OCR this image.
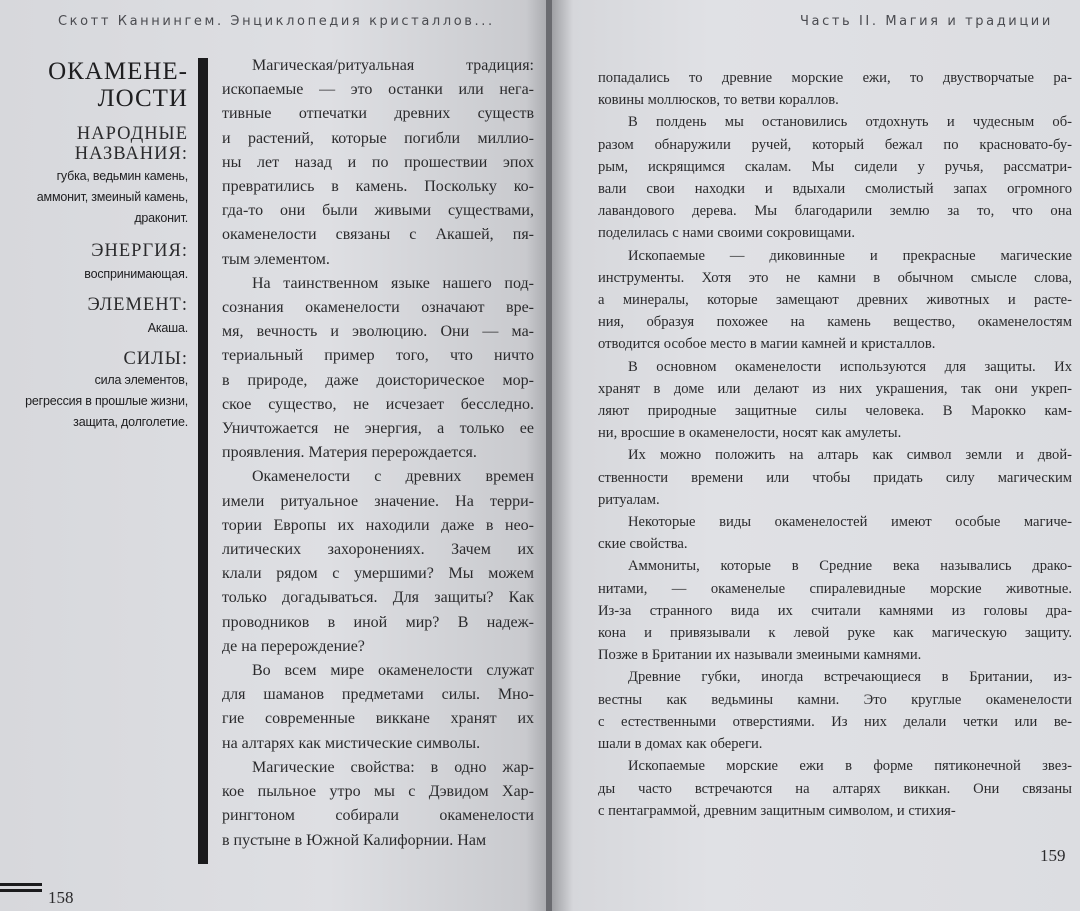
Скотт Каннингем. Энциклопедия кристаллов...
ОКАМЕНЕ-
ЛОСТИ
НАРОДНЫЕ
НАЗВАНИЯ:
губка, ведьмин камень,
аммонит, змеиный камень,
драконит.
ЭНЕРГИЯ:
воспринимающая.
ЭЛЕМЕНТ:
Акаша.
СИЛЫ:
сила элементов,
регрессия в прошлые жизни,
защита, долголетие.

Магическая/ритуальная традиция:

ископаемые — это останки или нега-

тивные отпечатки древних существ

и растений, которые погибли миллио-

ны лет назад и по прошествии эпох

превратились в камень. Поскольку ко-

гда-то они были живыми существами,

окаменелости связаны с Акашей, пя-

тым элементом.

На таинственном языке нашего под-

сознания окаменелости означают вре-

мя, вечность и эволюцию. Они — ма-

териальный пример того, что ничто

в природе, даже доисторическое мор-

ское существо, не исчезает бесследно.

Уничтожается не энергия, а только ее

проявления. Материя перерождается.

Окаменелости с древних времен

имели ритуальное значение. На терри-

тории Европы их находили даже в нео-

литических захоронениях. Зачем их

клали рядом с умершими? Мы можем

только догадываться. Для защиты? Как

проводников в иной мир? В надеж-

де на перерождение?

Во всем мире окаменелости служат

для шаманов предметами силы. Мно-

гие современные виккане хранят их

на алтарях как мистические символы.

Магические свойства: в одно жар-

кое пыльное утро мы с Дэвидом Хар-

рингтоном собирали окаменелости

в пустыне в Южной Калифорнии. Нам

158
Часть II. Магия и традиции

попадались то древние морские ежи, то двустворчатые ра-

ковины моллюсков, то ветви кораллов.

В полдень мы остановились отдохнуть и чудесным об-

разом обнаружили ручей, который бежал по красновато-бу-

рым, искрящимся скалам. Мы сидели у ручья, рассматри-

вали свои находки и вдыхали смолистый запах огромного

лавандового дерева. Мы благодарили землю за то, что она

поделилась с нами своими сокровищами.

Ископаемые — диковинные и прекрасные магические

инструменты. Хотя это не камни в обычном смысле слова,

а минералы, которые замещают древних животных и расте-

ния, образуя похожее на камень вещество, окаменелостям

отводится особое место в магии камней и кристаллов.

В основном окаменелости используются для защиты. Их

хранят в доме или делают из них украшения, так они укреп-

ляют природные защитные силы человека. В Марокко кам-

ни, вросшие в окаменелости, носят как амулеты.

Их можно положить на алтарь как символ земли и двой-

ственности времени или чтобы придать силу магическим

ритуалам.

Некоторые виды окаменелостей имеют особые магиче-

ские свойства.

Аммониты, которые в Средние века назывались драко-

нитами, — окаменелые спиралевидные морские животные.

Из-за странного вида их считали камнями из головы дра-

кона и привязывали к левой руке как магическую защиту.

Позже в Британии их называли змеиными камнями.

Древние губки, иногда встречающиеся в Британии, из-

вестны как ведьмины камни. Это круглые окаменелости

с естественными отверстиями. Из них делали четки или ве-

шали в домах как обереги.

Ископаемые морские ежи в форме пятиконечной звез-

ды часто встречаются на алтарях виккан. Они связаны

с пентаграммой, древним защитным символом, и стихия-

159
